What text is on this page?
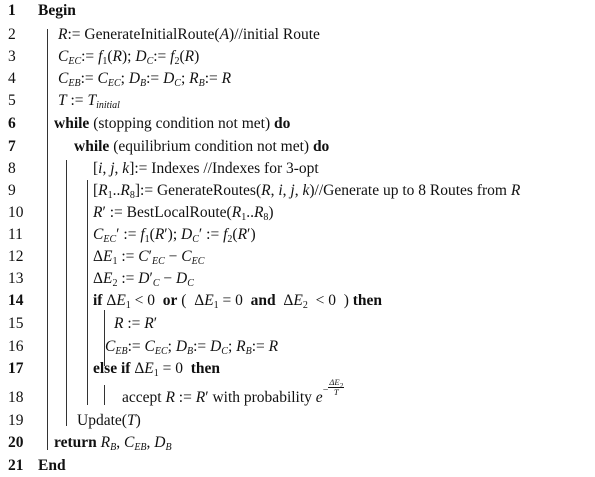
1
2
3
4
5
6
7
8
9
10
11
12
13
14
15
16
17
18
19
20
21
Begin
R:= GenerateInitialRoute(A)//initial Route
$C_{EC}:= f_1(R)$; $D_C:= f_2(R)$
$C_{EB}:= C_{EC}$; $D_B:= D_C$; $R_B:= R$
T := $T_{initial}$
while (stopping condition not met) do
while (equilibrium condition not met) do
[i, j, k]:= Indexes //Indexes for 3-opt
$[R_1..R_8]:=$ GenerateRoutes(R, i, j, k)//Generate up to 8 Routes from R
R′ := $BestLocalRoute(R_1..R_8)$
$C_{EC}'$ := $f_1(R')$; $D_C'$ := $f_2(R')$
$\Delta E_1$ := $C'_{EC} - C_{EC}$
$\Delta E_2$ := $D'_C - D_C$
if $\Delta E_1 < 0$  or (  $\Delta E_1 = 0$  and  $\Delta E_2 < 0$  ) then
R := R′
$C_{EB}:= C_{EC}$; $D_B:= D_C$; $R_B:= R$
else if $\Delta E_1 = 0$  then
accept R := R′ with probability $e^{- \frac{\Delta E_2}{T}}$
Update(T)
return $R_B$, $C_{EB}$, $D_B$
End
